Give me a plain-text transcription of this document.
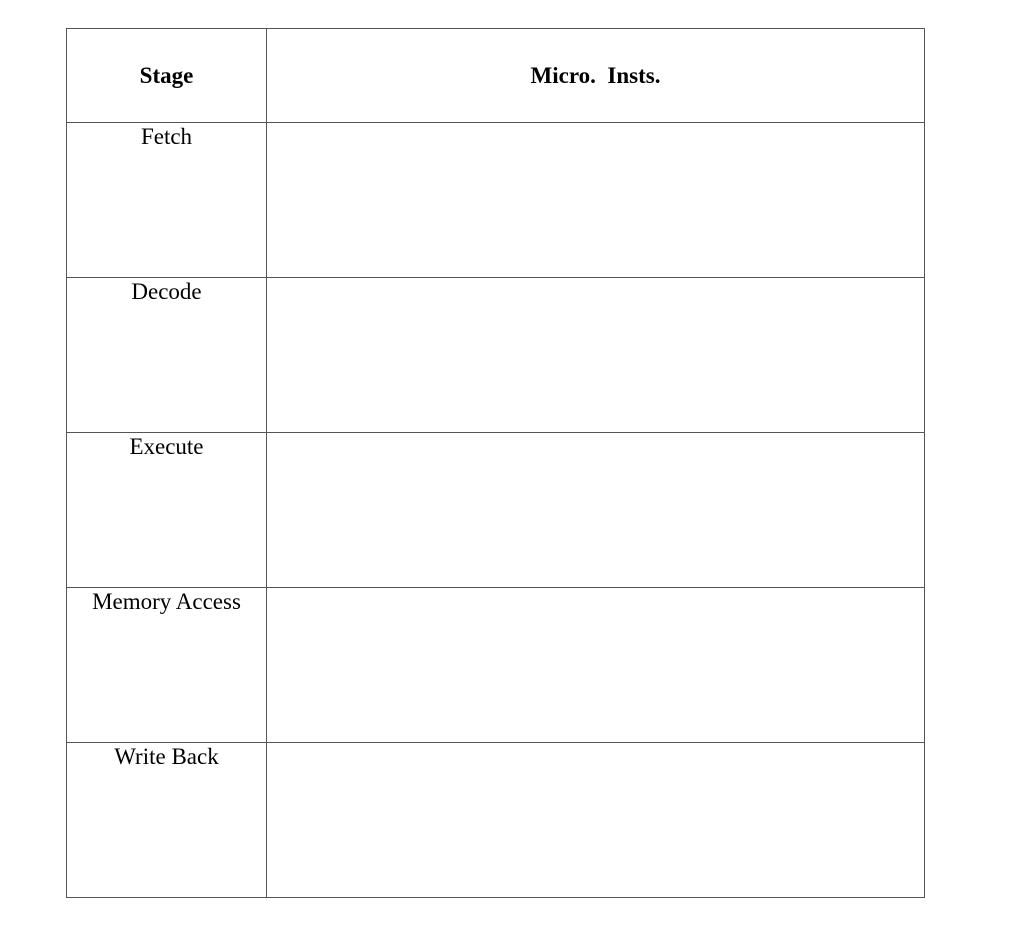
Stage	Micro.  Insts.

Fetch	

Decode	

Execute	

Memory Access	

Write Back	
